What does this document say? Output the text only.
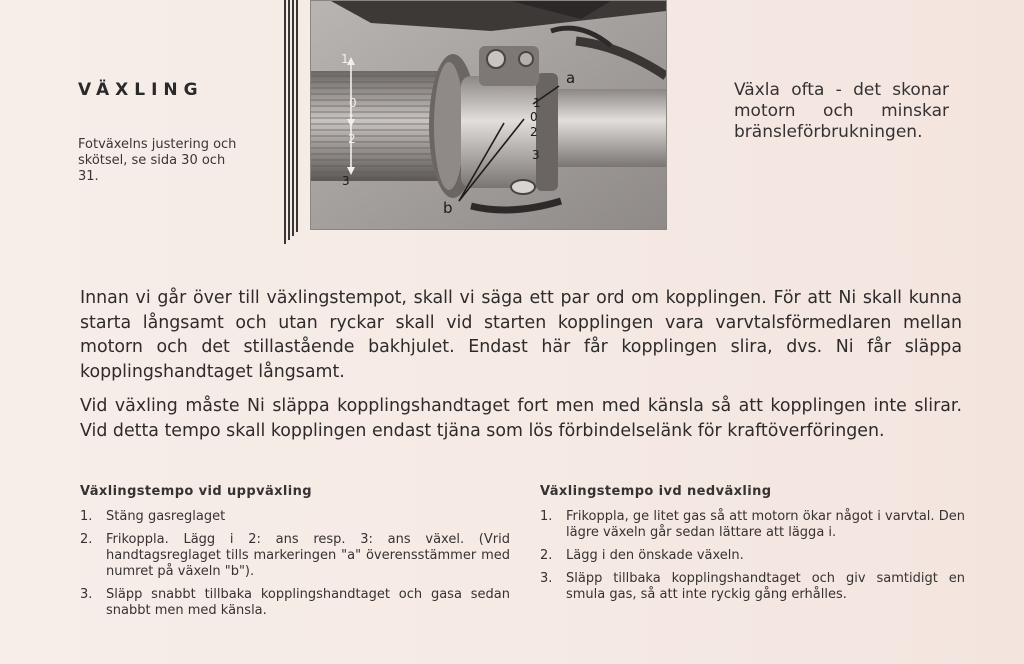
VÄXLING
Fotväxelns justering och skötsel, se sida 30 och 31.
1
0
-
2
3
1
0
2
3
a
b
Växla ofta - det skonar motorn och minskar bränsleförbrukningen.

Innan vi går över till växlingstempot, skall vi säga ett par ord om kopplingen. För att Ni skall kunna starta långsamt och utan ryckar skall vid starten kopplingen vara varvtalsförmedlaren mellan motorn och det stillastående bakhjulet. Endast här får kopplingen slira, dvs. Ni får släppa kopplingshandtaget långsamt.

Vid växling måste Ni släppa kopplingshandtaget fort men med känsla så att kopplingen inte slirar. Vid detta tempo skall kopplingen endast tjäna som lös förbindelselänk för kraftöverföringen.

Växlingstempo vid uppväxling
1.	Stäng gasreglaget
2.	Frikoppla. Lägg i 2: ans resp. 3: ans växel. (Vrid handtagsreglaget tills markeringen "a" överensstämmer med numret på växeln "b").
3.	Släpp snabbt tillbaka kopplingshandtaget och gasa sedan snabbt men med känsla.
Växlingstempo ivd nedväxling
1.	Frikoppla, ge litet gas så att motorn ökar något i varvtal. Den lägre växeln går sedan lättare att lägga i.
2.	Lägg i den önskade växeln.
3.	Släpp tillbaka kopplingshandtaget och giv samtidigt en smula gas, så att inte ryckig gång erhålles.
